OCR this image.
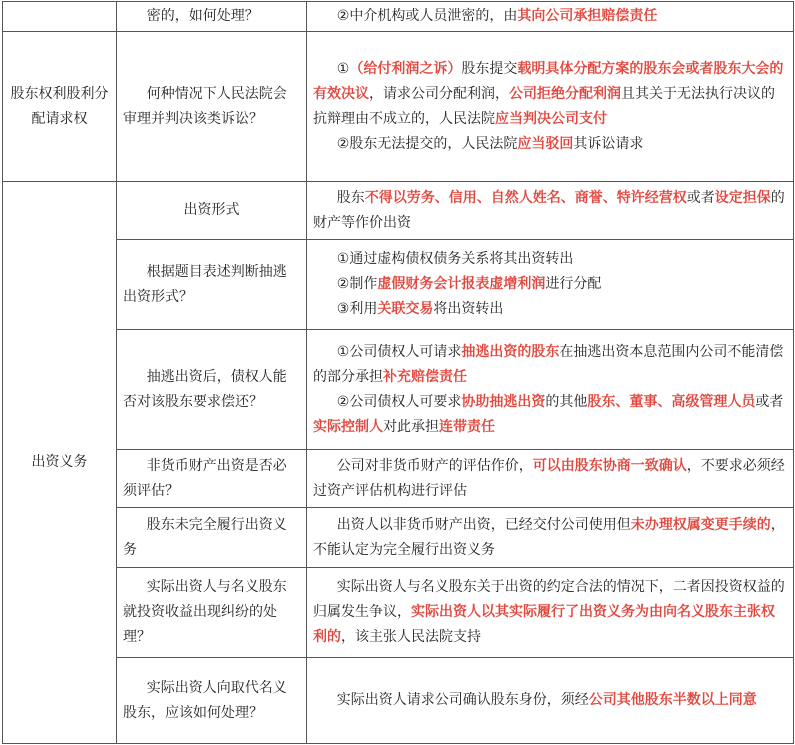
	密的，如何处理？	②中介机构或人员泄密的，由其向公司承担赔偿责任

股东权利股利分配请求权	何种情况下人民法院会审理并判决该类诉讼？	①（给付利润之诉）股东提交载明具体分配方案的股东会或者股东大会的有效决议，请求公司分配利润，公司拒绝分配利润且其关于无法执行决议的抗辩理由不成立的，人民法院应当判决公司支付
②股东无法提交的，人民法院应当驳回其诉讼请求

出资义务	出资形式	股东不得以劳务、信用、自然人姓名、商誉、特许经营权或者设定担保的财产等作价出资

	根据题目表述判断抽逃出资形式？	①通过虚构债权债务关系将其出资转出
②制作虚假财务会计报表虚增利润进行分配
③利用关联交易将出资转出

	抽逃出资后，债权人能否对该股东要求偿还？	①公司债权人可请求抽逃出资的股东在抽逃出资本息范围内公司不能清偿的部分承担补充赔偿责任
②公司债权人可要求协助抽逃出资的其他股东、董事、高级管理人员或者实际控制人对此承担连带责任

	非货币财产出资是否必须评估？	公司对非货币财产的评估作价，可以由股东协商一致确认，不要求必须经过资产评估机构进行评估

	股东未完全履行出资义务	出资人以非货币财产出资，已经交付公司使用但未办理权属变更手续的，不能认定为完全履行出资义务

	实际出资人与名义股东就投资收益出现纠纷的处理？	实际出资人与名义股东关于出资的约定合法的情况下，二者因投资权益的归属发生争议，实际出资人以其实际履行了出资义务为由向名义股东主张权利的，该主张人民法院支持

	实际出资人向取代名义股东，应该如何处理？	实际出资人请求公司确认股东身份，须经公司其他股东半数以上同意
